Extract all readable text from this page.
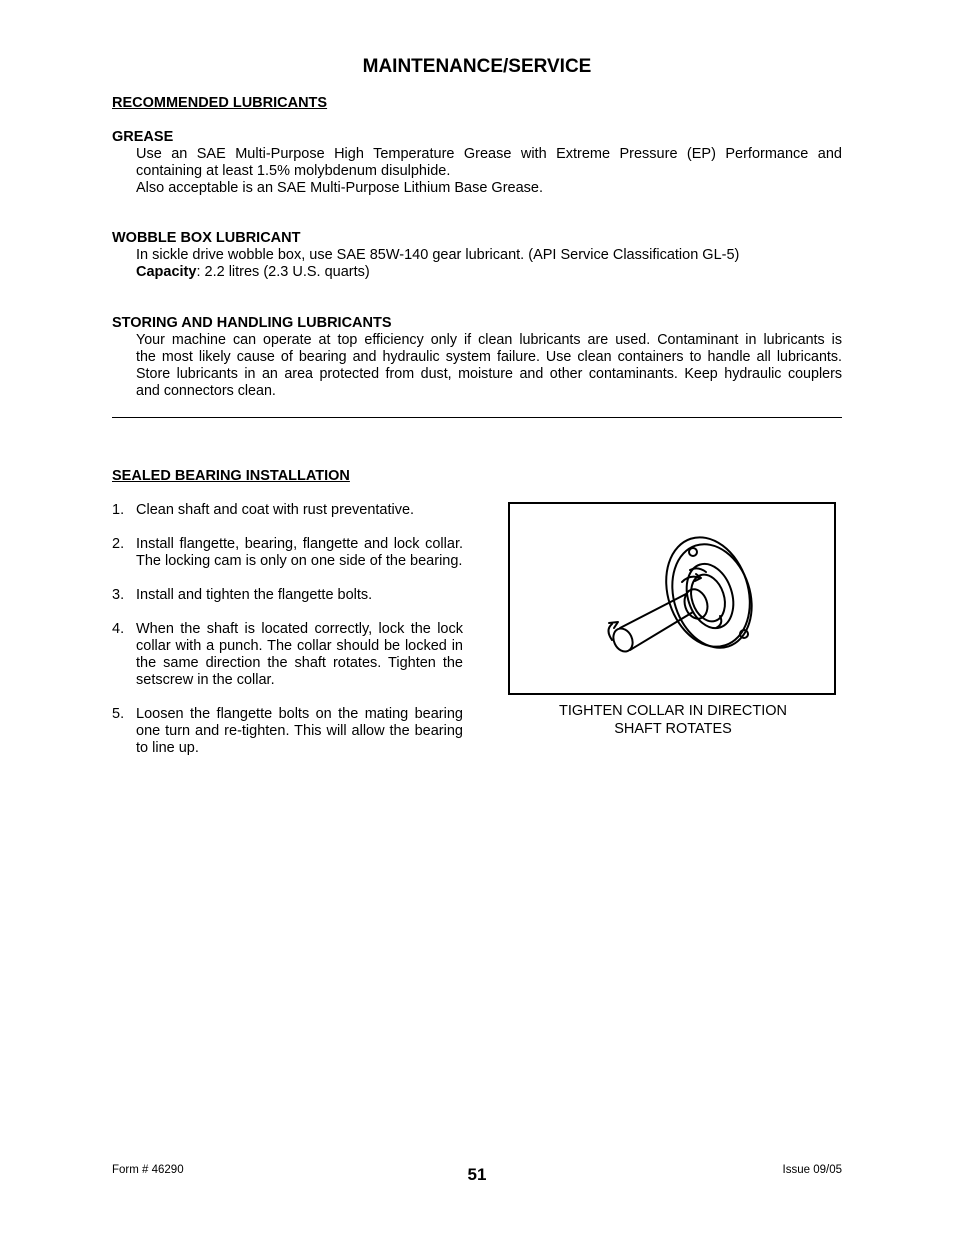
MAINTENANCE/SERVICE
RECOMMENDED LUBRICANTS
GREASE
Use an SAE Multi-Purpose High Temperature Grease with Extreme Pressure (EP) Performance and
containing at least 1.5% molybdenum disulphide.
Also acceptable is an SAE Multi-Purpose Lithium Base Grease.
WOBBLE BOX LUBRICANT
In sickle drive wobble box, use SAE 85W-140 gear lubricant. (API Service Classification GL-5)
Capacity: 2.2 litres (2.3 U.S. quarts)
STORING AND HANDLING LUBRICANTS
Your machine can operate at top efficiency only if clean lubricants are used. Contaminant in lubricants is
the most likely cause of bearing and hydraulic system failure. Use clean containers to handle all lubricants.
Store lubricants in an area protected from dust, moisture and other contaminants. Keep hydraulic couplers
and connectors clean.
SEALED BEARING INSTALLATION
1. Clean shaft and coat with rust preventative.
2. Install flangette, bearing, flangette and lock collar. The locking cam is only on one side of the bearing.
3. Install and tighten the flangette bolts.
4. When the shaft is located correctly, lock the lock collar with a punch. The collar should be locked in the same direction the shaft rotates. Tighten the setscrew in the collar.
5. Loosen the flangette bolts on the mating bearing one turn and re-tighten. This will allow the bearing to line up.
TIGHTEN COLLAR IN DIRECTION
SHAFT ROTATES
Form # 46290	51	Issue 09/05
